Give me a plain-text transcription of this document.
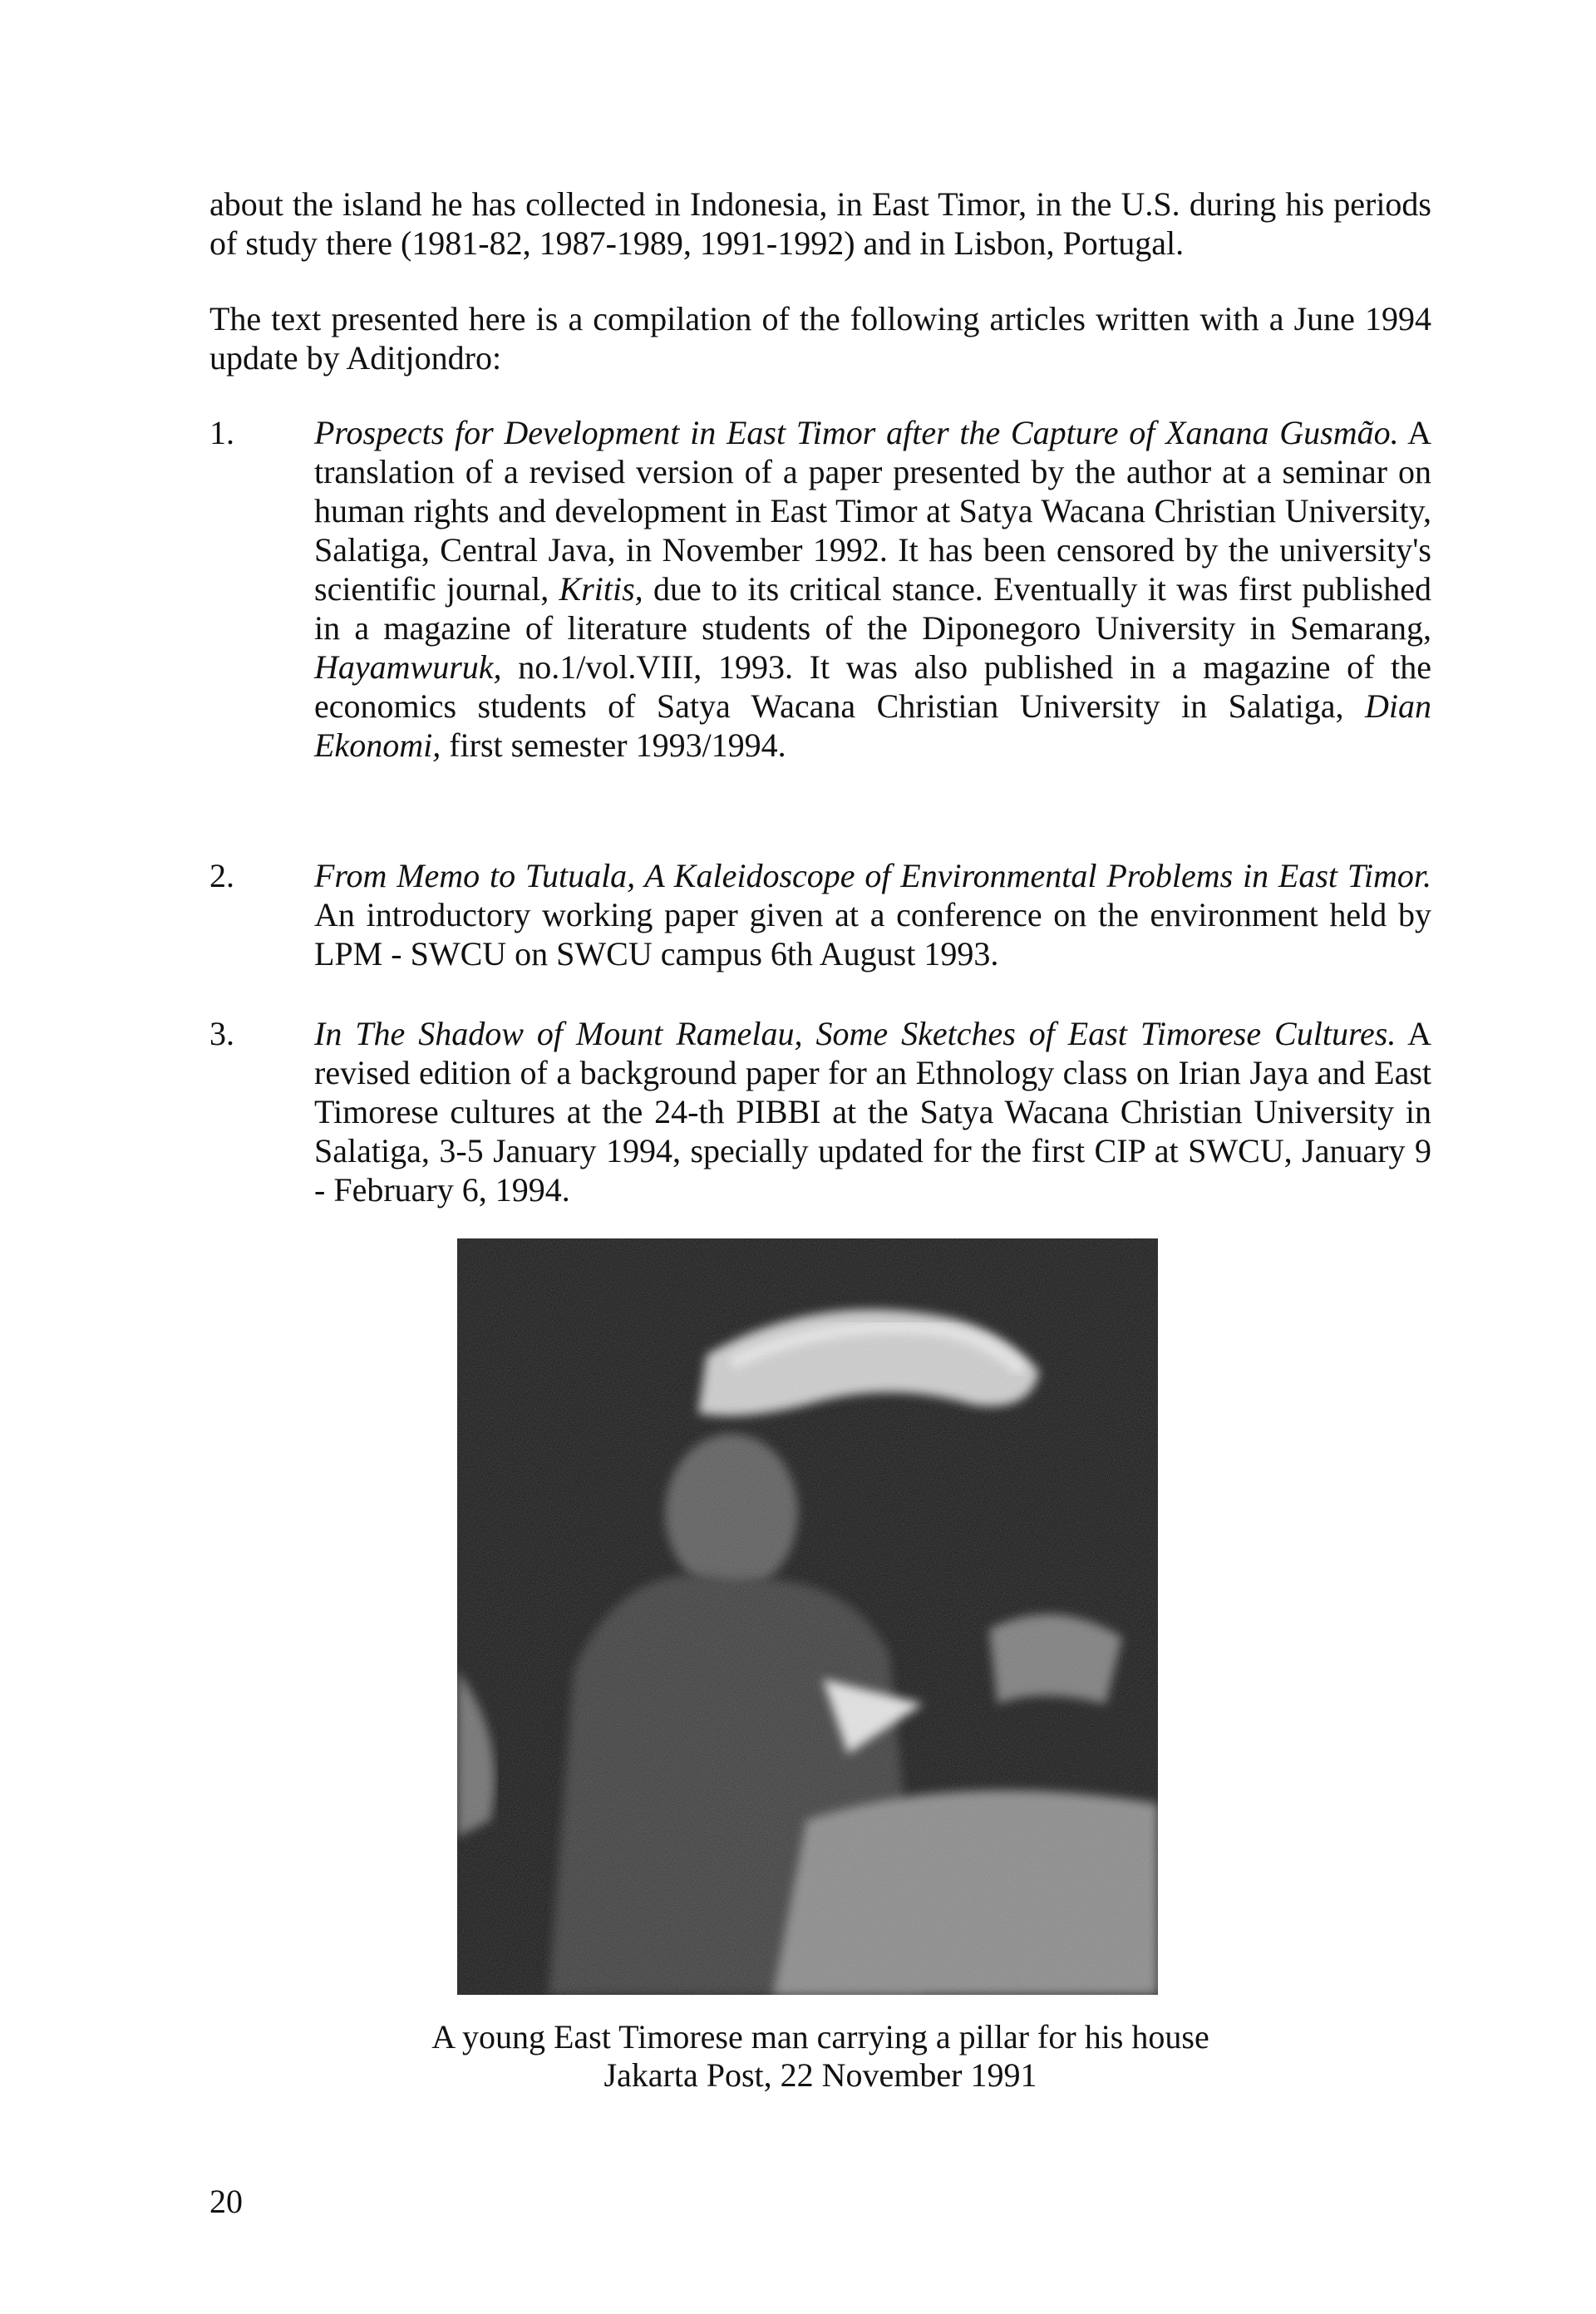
about the island he has collected in Indonesia, in East Timor, in the U.S. during his periods of study there (1981-82, 1987-1989, 1991-1992) and in Lisbon, Portugal.

The text presented here is a compilation of the following articles written with a June 1994 update by Aditjondro:

1.	Prospects for Development in East Timor after the Capture of Xanana Gusmão. A translation of a revised version of a paper presented by the author at a seminar on human rights and development in East Timor at Satya Wacana Christian University, Salatiga, Central Java, in November 1992. It has been censored by the university's scientific journal, Kritis, due to its critical stance. Eventually it was first published in a magazine of literature students of the Diponegoro University in Semarang, Hayamwuruk, no.1/vol.VIII, 1993. It was also published in a magazine of the economics students of Satya Wacana Christian University in Salatiga, Dian Ekonomi, first semester 1993/1994.
2.	From Memo to Tutuala, A Kaleidoscope of Environmental Problems in East Timor. An introductory working paper given at a conference on the environment held by LPM - SWCU on SWCU campus 6th August 1993.
3.	In The Shadow of Mount Ramelau, Some Sketches of East Timorese Cultures. A revised edition of a background paper for an Ethnology class on Irian Jaya and East Timorese cultures at the 24-th PIBBI at the Satya Wacana Christian University in Salatiga, 3-5 January 1994, specially updated for the first CIP at SWCU, January 9 - February 6, 1994.
A young East Timorese man carrying a pillar for his house
Jakarta Post, 22 November 1991
20
